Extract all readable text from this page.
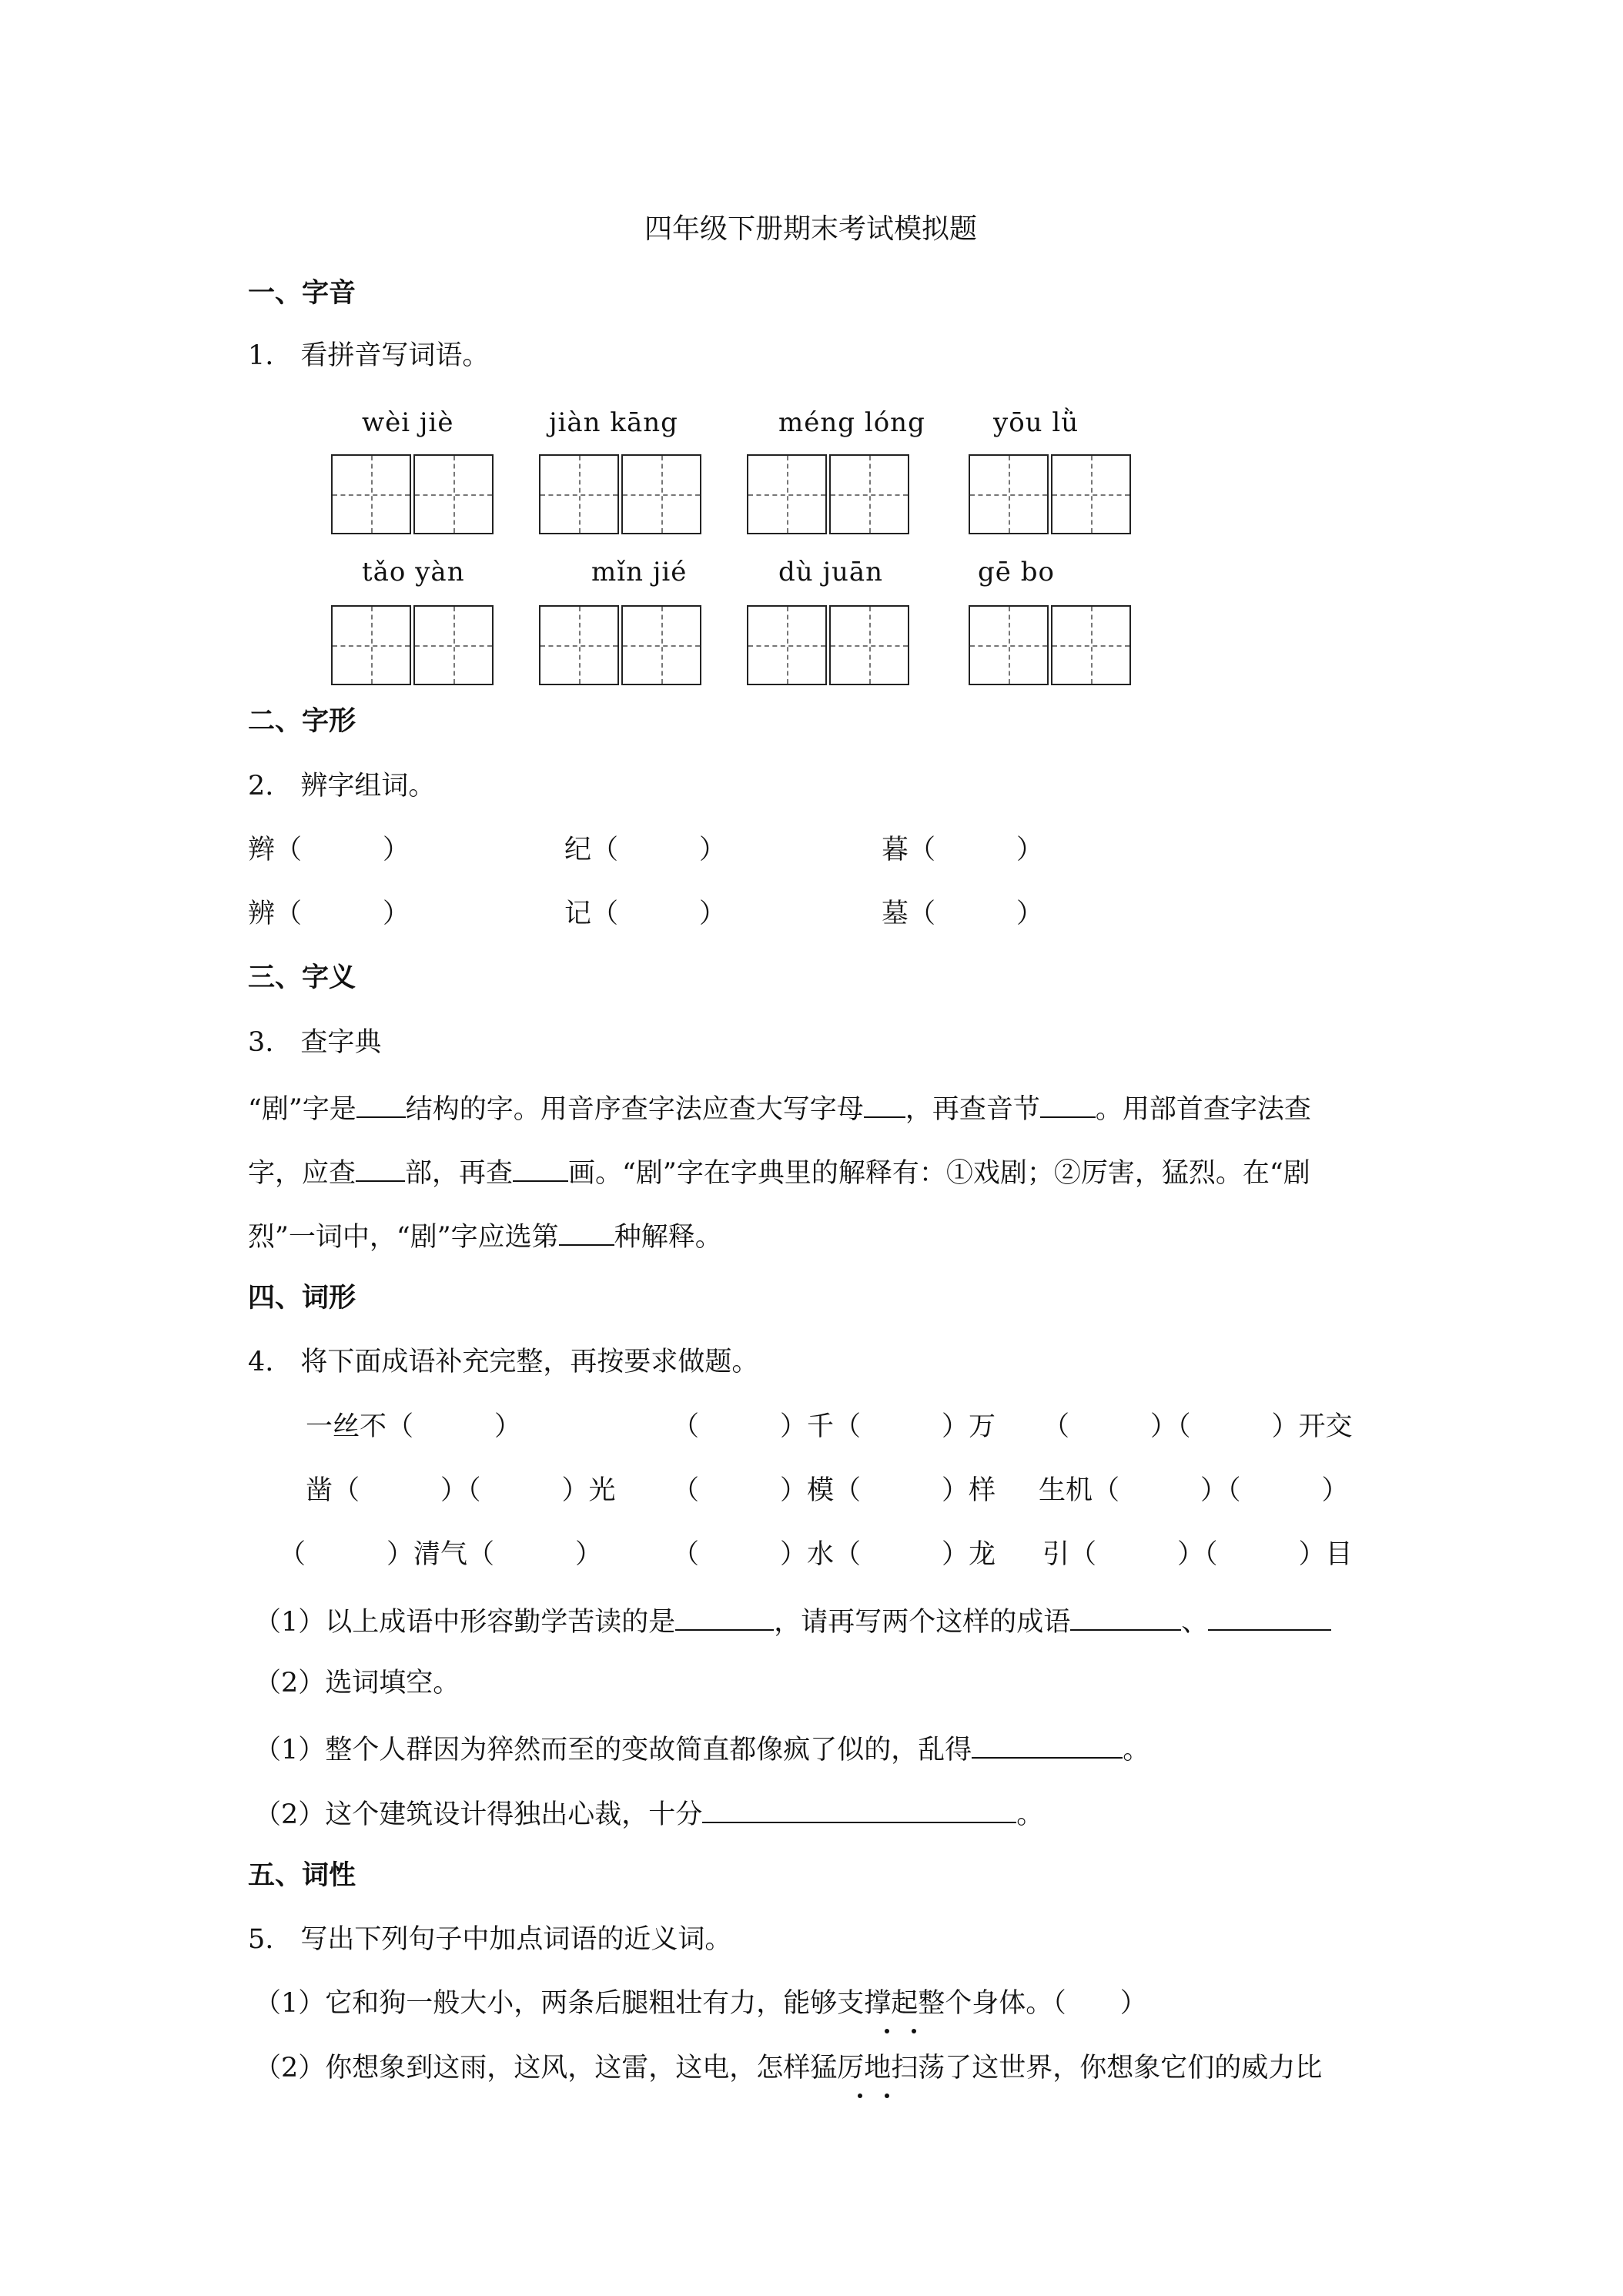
四年级下册期末考试模拟题
一、字音
1.　看拼音写词语。
wèi jiè	jiàn kāng	méng lóng	yōu lǜ
tǎo yàn	mǐn jié	dù juān	gē bo
二、字形
2.　辨字组词。
辫（　　　）	纪（　　　）	暮（　　　）
辨（　　　）	记（　　　）	墓（　　　）
三、字义
3.　查字典
“剧”字是 结构的字。用音序查字法应查大写字母 ，再查音节 。用部首查字法查
字，应查 部，再查 画。“剧”字在字典里的解释有：①戏剧；②厉害，猛烈。在“剧
烈”一词中，“剧”字应选第 种解释。
四、词形
4.　将下面成语补充完整，再按要求做题。
一丝不（　　　）	（　　　）千（　　　）万 （　　　）（　　　）开交
凿（　　　）（　　　）光 （　　　）模（　　　）样 生机（　　　）（　　　）
（　　　）清气（　　　）	（　　　）水（　　　）龙 引（　　　）（　　　）目
（1）以上成语中形容勤学苦读的是	，请再写两个这样的成语	、
（2）选词填空。
（1）整个人群因为猝然而至的变故简直都像疯了似的，乱得	。
（2）这个建筑设计得独出心裁，十分	。
五、词性
5.　写出下列句子中加点词语的近义词。
（1）它和狗一般大小，两条后腿粗壮有力，能够支撑起整个身体。（　　）
（2）你想象到这雨，这风，这雷，这电，怎样猛厉地扫荡了这世界，你想象它们的威力比
